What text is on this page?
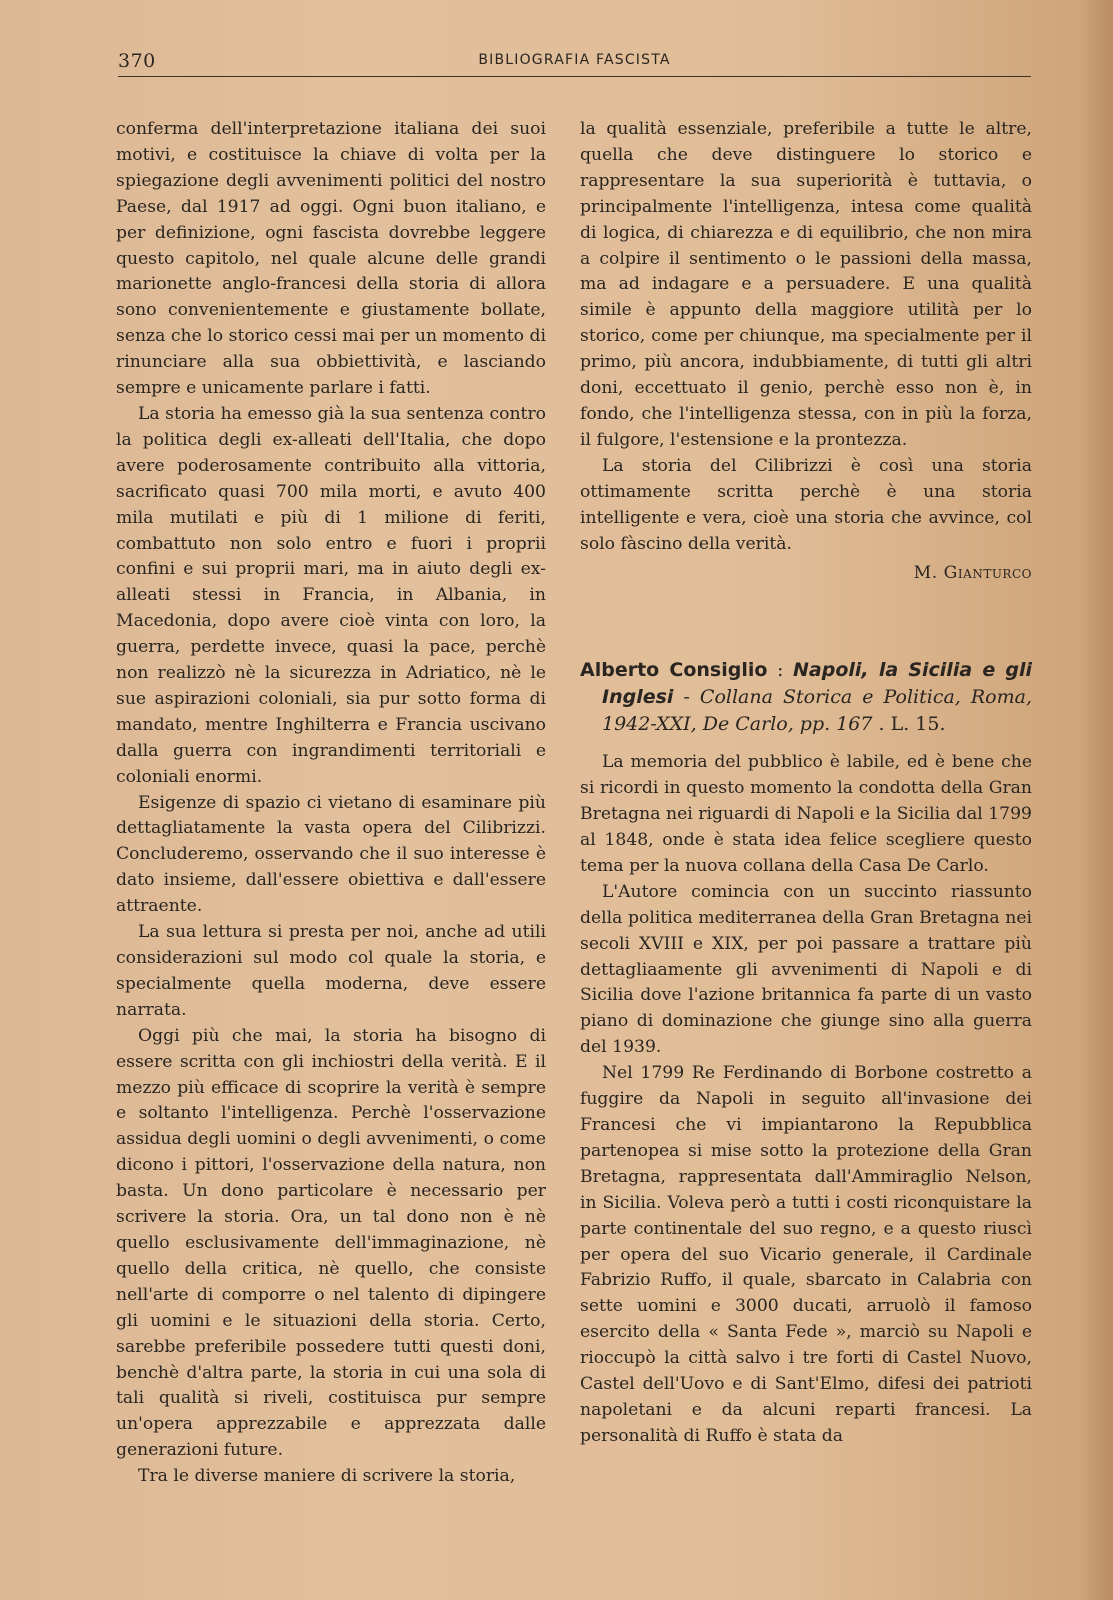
370	BIBLIOGRAFIA FASCISTA

conferma dell'interpretazione italiana dei suoi motivi, e costituisce la chiave di volta per la spiegazione degli avvenimenti politici del nostro Paese, dal 1917 ad oggi. Ogni buon italiano, e per definizione, ogni fascista dovrebbe leggere questo capitolo, nel quale alcune delle grandi marionette anglo-francesi della storia di allora sono convenientemente e giustamente bollate, senza che lo storico cessi mai per un momento di rinunciare alla sua obbiettività, e lasciando sempre e unicamente parlare i fatti.

La storia ha emesso già la sua sentenza contro la politica degli ex-alleati dell'Italia, che dopo avere poderosamente contribuito alla vittoria, sacrificato quasi 700 mila morti, e avuto 400 mila mutilati e più di 1 milione di feriti, combattuto non solo entro e fuori i proprii confini e sui proprii mari, ma in aiuto degli ex-alleati stessi in Francia, in Albania, in Macedonia, dopo avere cioè vinta con loro, la guerra, perdette invece, quasi la pace, perchè non realizzò nè la sicurezza in Adriatico, nè le sue aspirazioni coloniali, sia pur sotto forma di mandato, mentre Inghilterra e Francia uscivano dalla guerra con ingrandimenti territoriali e coloniali enormi.

Esigenze di spazio ci vietano di esaminare più dettagliatamente la vasta opera del Cilibrizzi. Concluderemo, osservando che il suo interesse è dato insieme, dall'essere obiettiva e dall'essere attraente.

La sua lettura si presta per noi, anche ad utili considerazioni sul modo col quale la storia, e specialmente quella moderna, deve essere narrata.

Oggi più che mai, la storia ha bisogno di essere scritta con gli inchiostri della verità. E il mezzo più efficace di scoprire la verità è sempre e soltanto l'intelligenza. Perchè l'osservazione assidua degli uomini o degli avvenimenti, o come dicono i pittori, l'osservazione della natura, non basta. Un dono particolare è necessario per scrivere la storia. Ora, un tal dono non è nè quello esclusivamente dell'immaginazione, nè quello della critica, nè quello, che consiste nell'arte di comporre o nel talento di dipingere gli uomini e le situazioni della storia. Certo, sarebbe preferibile possedere tutti questi doni, benchè d'altra parte, la storia in cui una sola di tali qualità si riveli, costituisca pur sempre un'opera apprezzabile e apprezzata dalle generazioni future.

Tra le diverse maniere di scrivere la storia,

la qualità essenziale, preferibile a tutte le altre, quella che deve distinguere lo storico e rappresentare la sua superiorità è tuttavia, o principalmente l'intelligenza, intesa come qualità di logica, di chiarezza e di equilibrio, che non mira a colpire il sentimento o le passioni della massa, ma ad indagare e a persuadere. E una qualità simile è appunto della maggiore utilità per lo storico, come per chiunque, ma specialmente per il primo, più ancora, indubbiamente, di tutti gli altri doni, eccettuato il genio, perchè esso non è, in fondo, che l'intelligenza stessa, con in più la forza, il fulgore, l'estensione e la prontezza.

La storia del Cilibrizzi è così una storia ottimamente scritta perchè è una storia intelligente e vera, cioè una storia che avvince, col solo fàscino della verità.

M. Gianturco

Alberto Consiglio : Napoli, la Sicilia e gli Inglesi - Collana Storica e Politica, Roma, 1942-XXI, De Carlo, pp. 167 . L. 15.

La memoria del pubblico è labile, ed è bene che si ricordi in questo momento la condotta della Gran Bretagna nei riguardi di Napoli e la Sicilia dal 1799 al 1848, onde è stata idea felice scegliere questo tema per la nuova collana della Casa De Carlo.

L'Autore comincia con un succinto riassunto della politica mediterranea della Gran Bretagna nei secoli XVIII e XIX, per poi passare a trattare più dettagliaamente gli avvenimenti di Napoli e di Sicilia dove l'azione britannica fa parte di un vasto piano di dominazione che giunge sino alla guerra del 1939.

Nel 1799 Re Ferdinando di Borbone costretto a fuggire da Napoli in seguito all'invasione dei Francesi che vi impiantarono la Repubblica partenopea si mise sotto la protezione della Gran Bretagna, rappresentata dall'Ammiraglio Nelson, in Sicilia. Voleva però a tutti i costi riconquistare la parte continentale del suo regno, e a questo riuscì per opera del suo Vicario generale, il Cardinale Fabrizio Ruffo, il quale, sbarcato in Calabria con sette uomini e 3000 ducati, arruolò il famoso esercito della « Santa Fede », marciò su Napoli e rioccupò la città salvo i tre forti di Castel Nuovo, Castel dell'Uovo e di Sant'Elmo, difesi dei patrioti napoletani e da alcuni reparti francesi. La personalità di Ruffo è stata da
